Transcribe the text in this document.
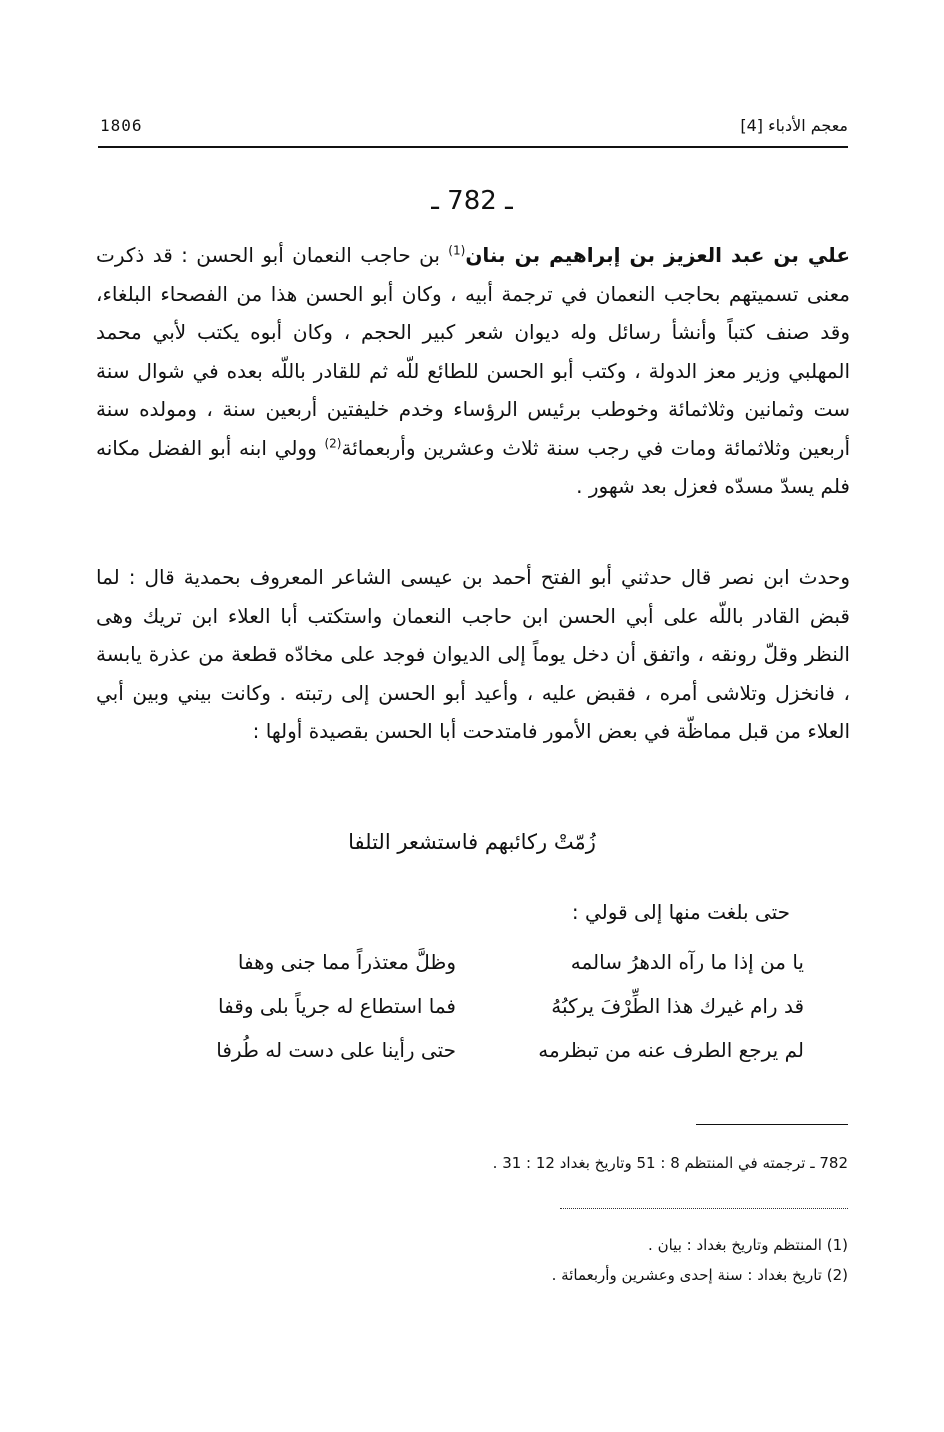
1806	معجم الأدباء [4]
ـ 782 ـ
علي بن عبد العزيز بن إبراهيم بن بنان$^{(1)}$ بن حاجب النعمان أبو الحسن : قد ذكرت معنى تسميتهم بحاجب النعمان في ترجمة أبيه ، وكان أبو الحسن هذا من الفصحاء البلغاء، وقد صنف كتباً وأنشأ رسائل وله ديوان شعر كبير الحجم ، وكان أبوه يكتب لأبي محمد المهلبي وزير معز الدولة ، وكتب أبو الحسن للطائع للّه ثم للقادر باللّه بعده في شوال سنة ست وثمانين وثلاثمائة وخوطب برئيس الرؤساء وخدم خليفتين أربعين سنة ، ومولده سنة أربعين وثلاثمائة ومات في رجب سنة ثلاث وعشرين وأربعمائة$^{(2)}$ وولي ابنه أبو الفضل مكانه فلم يسدّ مسدّه فعزل بعد شهور .
وحدث ابن نصر قال حدثني أبو الفتح أحمد بن عيسى الشاعر المعروف بحمدية قال : لما قبض القادر باللّه على أبي الحسن ابن حاجب النعمان واستكتب أبا العلاء ابن تريك وهى النظر وقلّ رونقه ، واتفق أن دخل يوماً إلى الديوان فوجد على مخادّه قطعة من عذرة يابسة ، فانخزل وتلاشى أمره ، فقبض عليه ، وأعيد أبو الحسن إلى رتبته . وكانت بيني وبين أبي العلاء من قبل مماظّة في بعض الأمور فامتدحت أبا الحسن بقصيدة أولها :
زُمّتْ ركائبهم فاستشعر التلفا
حتى بلغت منها إلى قولي :
يا من إذا ما رآه الدهرُ سالمه
وظلَّ معتذراً مما جنى وهفا
قد رام غيرك هذا الطِّرْفَ يركبُهُ
فما استطاع له جرياً بلى وقفا
لم يرجع الطرف عنه من تبظرمه
حتى رأينا على دست له طُرفا
782 ـ ترجمته في المنتظم 8 : 51 وتاريخ بغداد 12 : 31 .
(1) المنتظم وتاريخ بغداد : بيان .
(2) تاريخ بغداد : سنة إحدى وعشرين وأربعمائة .
